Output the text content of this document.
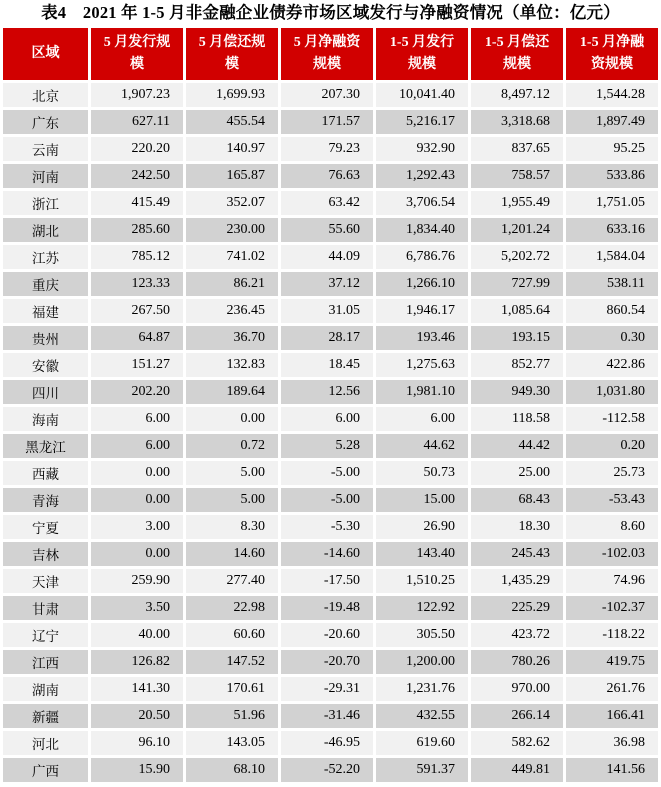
表4　2021 年 1-5 月非金融企业债券市场区域发行与净融资情况（单位：亿元）
区域	5 月发行规模	5 月偿还规模	5 月净融资规模	1-5 月发行规模	1-5 月偿还规模	1-5 月净融资规模
北京	1,907.23	1,699.93	207.30	10,041.40	8,497.12	1,544.28
广东	627.11	455.54	171.57	5,216.17	3,318.68	1,897.49
云南	220.20	140.97	79.23	932.90	837.65	95.25
河南	242.50	165.87	76.63	1,292.43	758.57	533.86
浙江	415.49	352.07	63.42	3,706.54	1,955.49	1,751.05
湖北	285.60	230.00	55.60	1,834.40	1,201.24	633.16
江苏	785.12	741.02	44.09	6,786.76	5,202.72	1,584.04
重庆	123.33	86.21	37.12	1,266.10	727.99	538.11
福建	267.50	236.45	31.05	1,946.17	1,085.64	860.54
贵州	64.87	36.70	28.17	193.46	193.15	0.30
安徽	151.27	132.83	18.45	1,275.63	852.77	422.86
四川	202.20	189.64	12.56	1,981.10	949.30	1,031.80
海南	6.00	0.00	6.00	6.00	118.58	-112.58
黑龙江	6.00	0.72	5.28	44.62	44.42	0.20
西藏	0.00	5.00	-5.00	50.73	25.00	25.73
青海	0.00	5.00	-5.00	15.00	68.43	-53.43
宁夏	3.00	8.30	-5.30	26.90	18.30	8.60
吉林	0.00	14.60	-14.60	143.40	245.43	-102.03
天津	259.90	277.40	-17.50	1,510.25	1,435.29	74.96
甘肃	3.50	22.98	-19.48	122.92	225.29	-102.37
辽宁	40.00	60.60	-20.60	305.50	423.72	-118.22
江西	126.82	147.52	-20.70	1,200.00	780.26	419.75
湖南	141.30	170.61	-29.31	1,231.76	970.00	261.76
新疆	20.50	51.96	-31.46	432.55	266.14	166.41
河北	96.10	143.05	-46.95	619.60	582.62	36.98
广西	15.90	68.10	-52.20	591.37	449.81	141.56
